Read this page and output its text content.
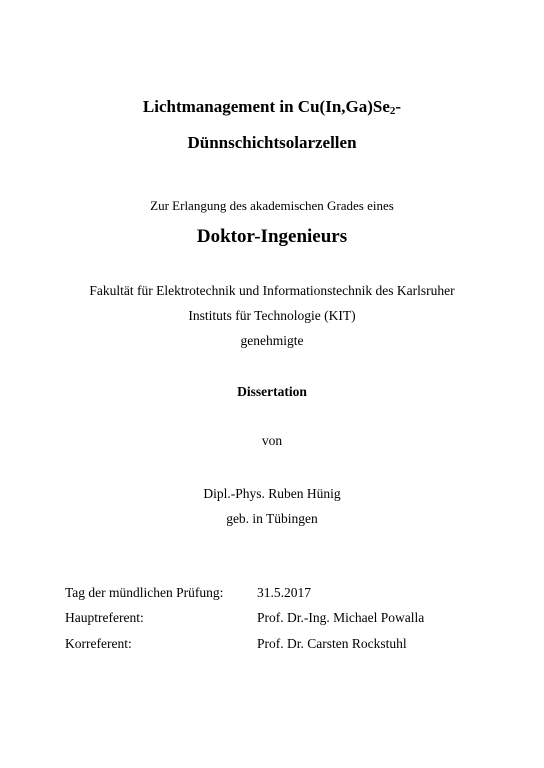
Lichtmanagement in $Cu(In,Ga)Se_2-$
Dünnschichtsolarzellen
Zur Erlangung des akademischen Grades eines
Doktor-Ingenieurs
Fakultät für Elektrotechnik und Informationstechnik des Karlsruher
Instituts für Technologie (KIT)
genehmigte
Dissertation
von
Dipl.-Phys. Ruben Hünig
geb. in Tübingen
Tag der mündlichen Prüfung: 31.5.2017
Hauptreferent:	Prof. Dr.-Ing. Michael Powalla
Korreferent:	Prof. Dr. Carsten Rockstuhl
